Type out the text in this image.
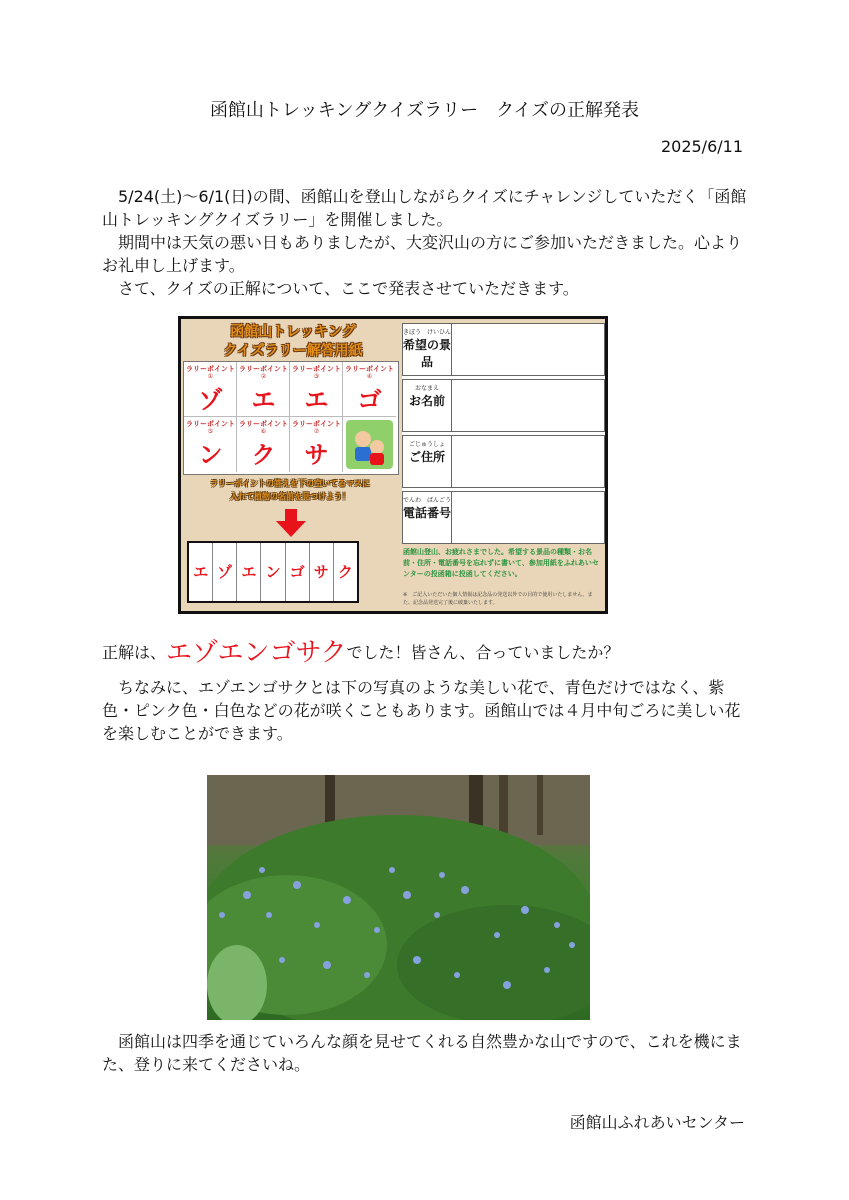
函館山トレッキングクイズラリー　クイズの正解発表
2025/6/11
5/24(土)～6/1(日)の間、函館山を登山しながらクイズにチャレンジしていただく「函館山トレッキングクイズラリー」を開催しました。
期間中は天気の悪い日もありましたが、大変沢山の方にご参加いただきました。心よりお礼申し上げます。
さて、クイズの正解について、ここで発表させていただきます。
函館山トレッキング
クイズラリー解答用紙
ラリーポイント
①
ゾ
ラリーポイント
②
エ
ラリーポイント
③
エ
ラリーポイント
④
ゴ
ラリーポイント
⑤
ン
ラリーポイント
⑥
ク
ラリーポイント
⑦
サ
ラリーポイントの答えを下の空いてるマスに
入れて植物の名前を見つけよう！
エ ゾ エ ン ゴ サ ク
きぼう　けいひん
希望の景品
おなまえ
お名前
ごじゅうしょ
ご住所
でんわ　ばんごう
電話番号
函館山登山、お疲れさまでした。希望する景品の種類・お名前・住所・電話番号を忘れずに書いて、参加用紙をふれあいセンターの投函箱に投函してください。
※　ご記入いただいた個人情報は記念品の発送以外での目的で使用いたしません。また、記念品発送完了後に破棄いたします。
正解は、エゾエンゴサクでした！皆さん、合っていましたか？
ちなみに、エゾエンゴサクとは下の写真のような美しい花で、青色だけではなく、紫色・ピンク色・白色などの花が咲くこともあります。函館山では４月中旬ごろに美しい花を楽しむことができます。
函館山は四季を通じていろんな顔を見せてくれる自然豊かな山ですので、これを機にまた、登りに来てくださいね。
函館山ふれあいセンター
